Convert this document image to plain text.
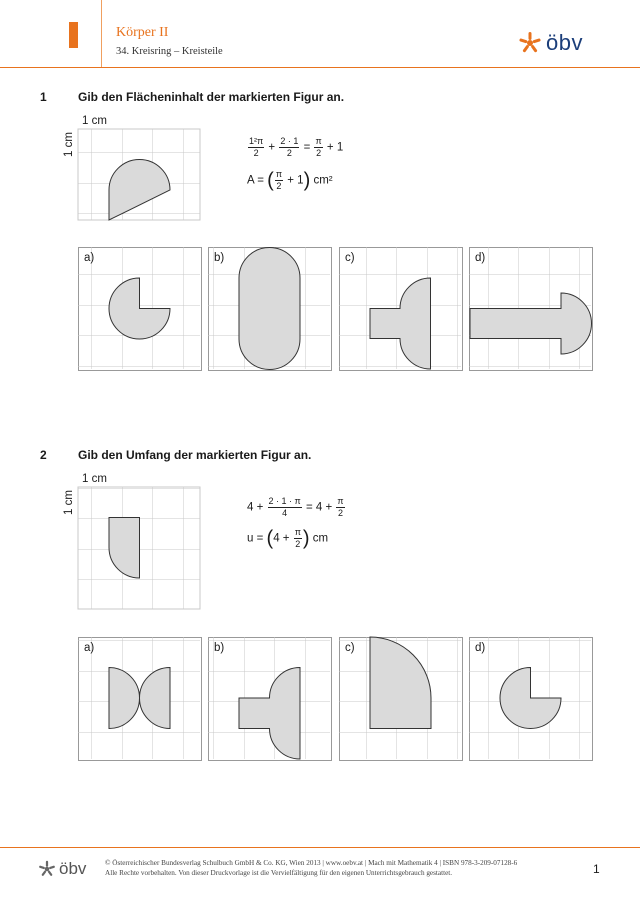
Körper II
34. Kreisring – Kreisteile	öbv
1	Gib den Flächeninhalt der markierten Figur an.
1 cm
1 cm	$\frac{\text{1²π}}{2} + \frac{2 \cdot 1}{2} = \frac{\pi}{2} + 1$
A = ( $\frac{\pi}{2} + 1$) cm²
2	Gib den Umfang der markierten Figur an.
1 cm
1 cm	$4 + \frac{2 \cdot 1 \cdot \pi}{4} = 4 + \frac{\pi}{2}$
$u = (4 + \frac{\pi}{2}$ ) cm
a)	b)	c)	d)
a)	b)	c)	d)
öbv	© Österreichischer Bundesverlag Schulbuch GmbH & Co. KG, Wien 2013 | www.oebv.at | Mach mit Mathematik 4 | ISBN 978-3-209-07128-6
Alle Rechte vorbehalten. Von dieser Druckvorlage ist die Vervielfältigung für den eigenen Unterrichtsgebrauch gestattet.	1
